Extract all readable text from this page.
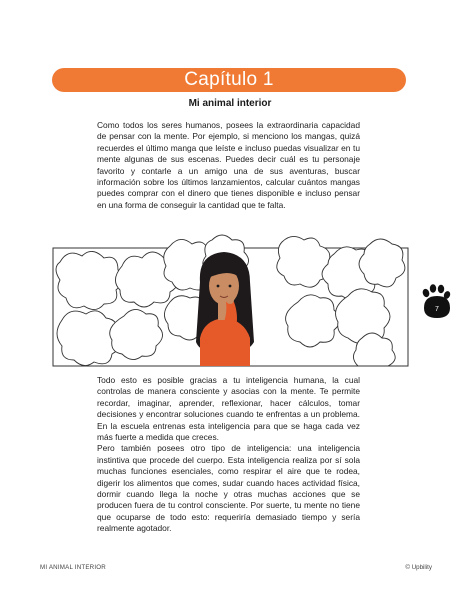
Capítulo 1
Mi animal interior

Como todos los seres humanos, posees la extraordinaria capacidad de pensar con la mente. Por ejemplo, si menciono los mangas, quizá recuerdes el último manga que leíste e incluso puedas visualizar en tu mente algunas de sus escenas. Puedes decir cuál es tu personaje favorito y contarle a un amigo una de sus aventuras, buscar información sobre los últimos lanzamientos, calcular cuántos mangas puedes comprar con el dinero que tienes disponible e incluso pensar en una forma de conseguir la cantidad que te falta.

7

Todo esto es posible gracias a tu inteligencia humana, la cual controlas de manera consciente y asocias con la mente. Te permite recordar, imaginar, aprender, reflexionar, hacer cálculos, tomar decisiones y encontrar soluciones cuando te enfrentas a un problema. En la escuela entrenas esta inteligencia para que se haga cada vez más fuerte a medida que creces.

Pero también posees otro tipo de inteligencia: una inteligencia instintiva que procede del cuerpo. Esta inteligencia realiza por sí sola muchas funciones esenciales, como respirar el aire que te rodea, digerir los alimentos que comes, sudar cuando haces actividad física, dormir cuando llega la noche y otras muchas acciones que se producen fuera de tu control consciente. Por suerte, tu mente no tiene que ocuparse de todo esto: requeriría demasiado tiempo y sería realmente agotador.

MI ANIMAL INTERIOR	© Upbility
